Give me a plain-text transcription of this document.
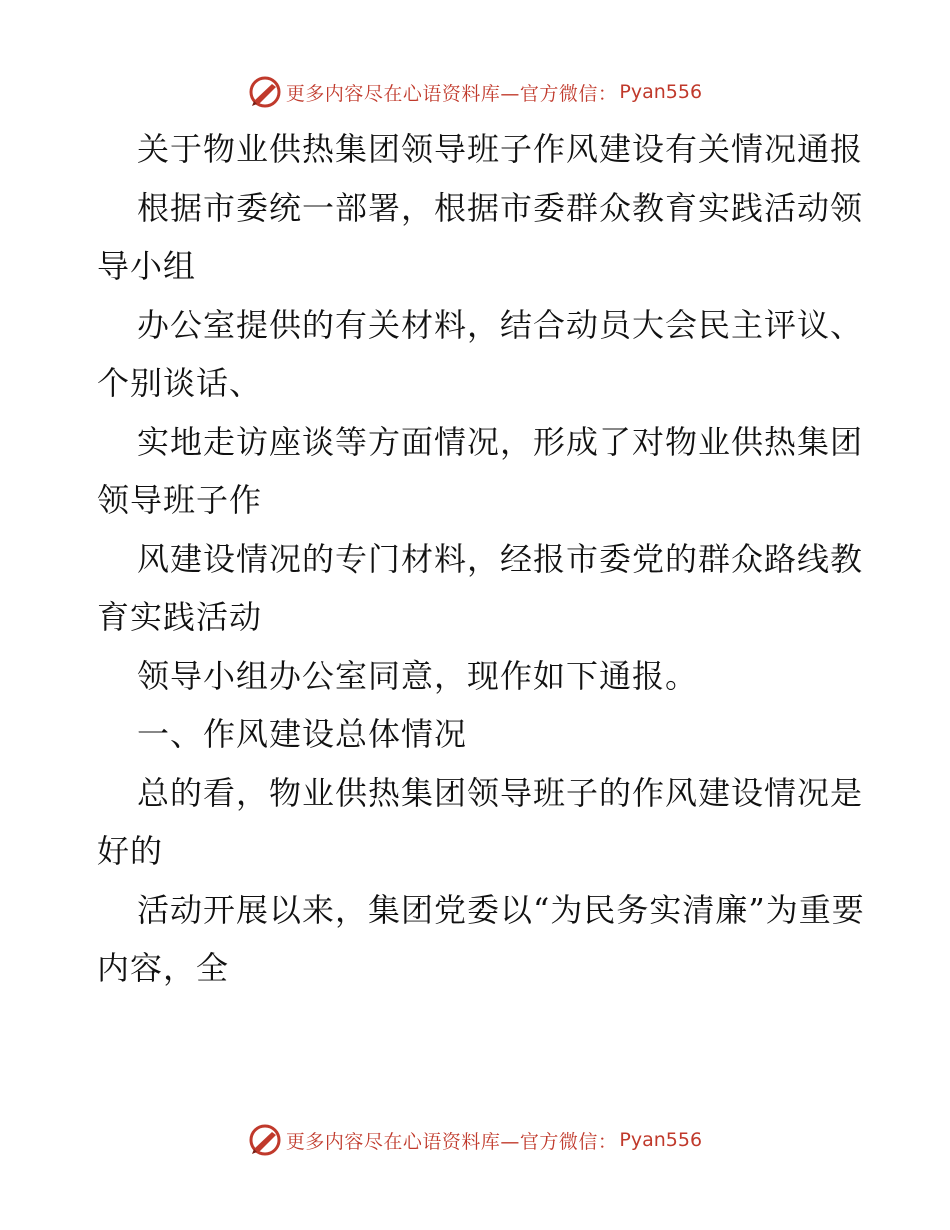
更多内容尽在心语资料库—官方微信： Pyan556

关于物业供热集团领导班子作风建设有关情况通报

根据市委统一部署，根据市委群众教育实践活动领导小组

办公室提供的有关材料，结合动员大会民主评议、个别谈话、

实地走访座谈等方面情况，形成了对物业供热集团领导班子作

风建设情况的专门材料，经报市委党的群众路线教育实践活动

领导小组办公室同意，现作如下通报。

一、作风建设总体情况

总的看，物业供热集团领导班子的作风建设情况是好的

活动开展以来，集团党委以“为民务实清廉”为重要内容，全

更多内容尽在心语资料库—官方微信： Pyan556
